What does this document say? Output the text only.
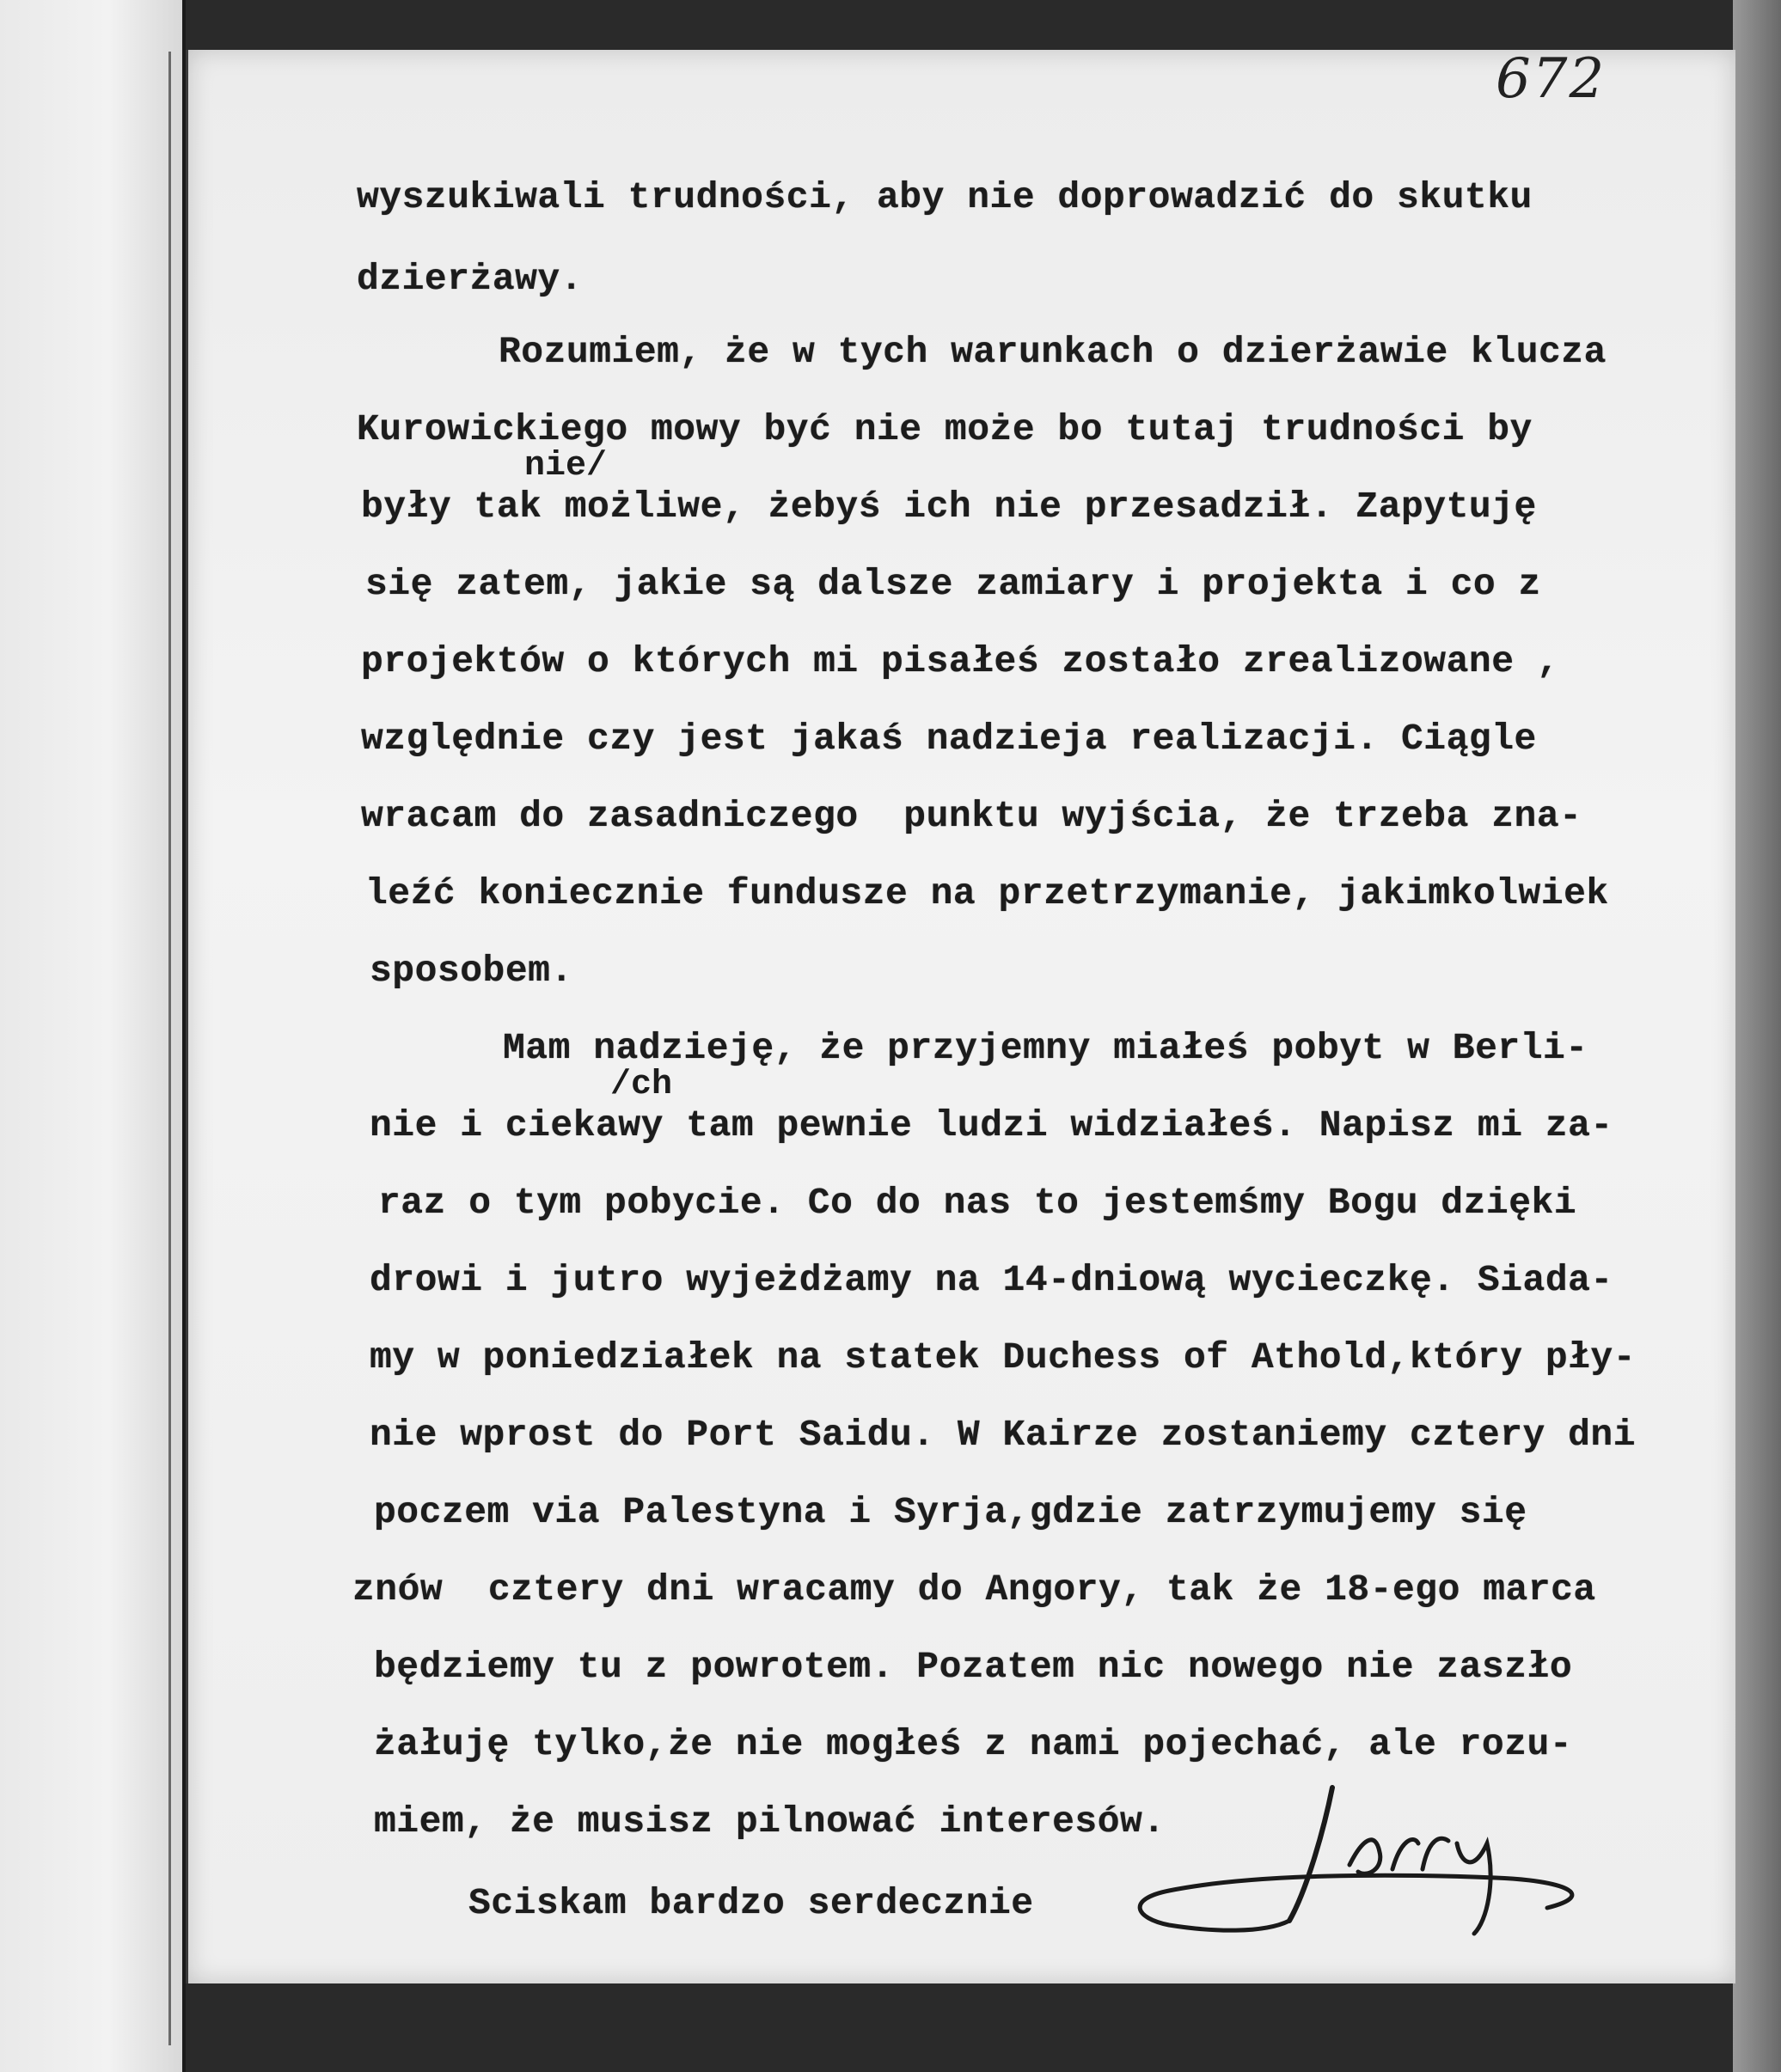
672
wyszukiwali trudności, aby nie doprowadzić do skutku
dzierżawy.
Rozumiem, że w tych warunkach o dzierżawie klucza
Kurowickiego mowy być nie może bo tutaj trudności by
nie/
były tak możliwe, żebyś ich nie przesadził. Zapytuję
się zatem, jakie są dalsze zamiary i projekta i co z
projektów o których mi pisałeś zostało zrealizowane ,
względnie czy jest jakaś nadzieja realizacji. Ciągle
wracam do zasadniczego  punktu wyjścia, że trzeba zna-
leźć koniecznie fundusze na przetrzymanie, jakimkolwiek
sposobem.
Mam nadzieję, że przyjemny miałeś pobyt w Berli-
/ch
nie i ciekawy tam pewnie ludzi widziałeś. Napisz mi za-
raz o tym pobycie. Co do nas to jestemśmy Bogu dzięki
drowi i jutro wyjeżdżamy na 14-dniową wycieczkę. Siada-
my w poniedziałek na statek Duchess of Athold,który pły-
nie wprost do Port Saidu. W Kairze zostaniemy cztery dni
poczem via Palestyna i Syrja,gdzie zatrzymujemy się
znów  cztery dni wracamy do Angory, tak że 18-ego marca
będziemy tu z powrotem. Pozatem nic nowego nie zaszło
żałuję tylko,że nie mogłeś z nami pojechać, ale rozu-
miem, że musisz pilnować interesów.
Sciskam bardzo serdecznie
